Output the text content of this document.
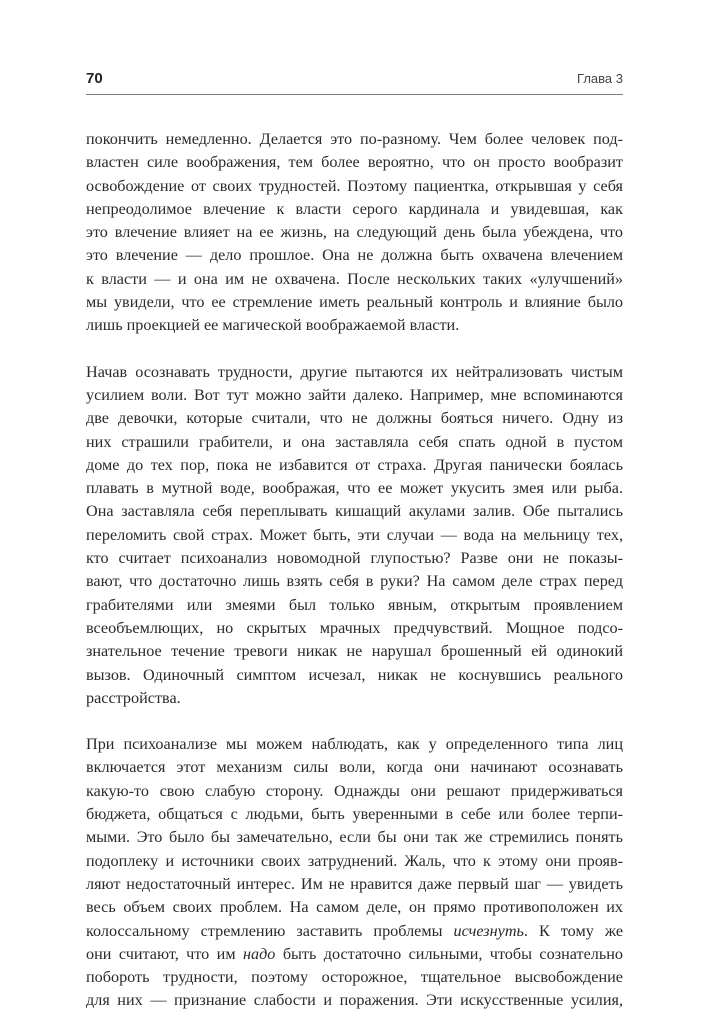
70	Глава 3
покончить немедленно. Делается это по-разному. Чем более человек под-
властен силе воображения, тем более вероятно, что он просто вообразит
освобождение от своих трудностей. Поэтому пациентка, открывшая у себя
непреодолимое влечение к власти серого кардинала и увидевшая, как
это влечение влияет на ее жизнь, на следующий день была убеждена, что
это влечение — дело прошлое. Она не должна быть охвачена влечением
к власти — и она им не охвачена. После нескольких таких «улучшений»
мы увидели, что ее стремление иметь реальный контроль и влияние было
лишь проекцией ее магической воображаемой власти.
Начав осознавать трудности, другие пытаются их нейтрализовать чистым
усилием воли. Вот тут можно зайти далеко. Например, мне вспоминаются
две девочки, которые считали, что не должны бояться ничего. Одну из
них страшили грабители, и она заставляла себя спать одной в пустом
доме до тех пор, пока не избавится от страха. Другая панически боялась
плавать в мутной воде, воображая, что ее может укусить змея или рыба.
Она заставляла себя переплывать кишащий акулами залив. Обе пытались
переломить свой страх. Может быть, эти случаи — вода на мельницу тех,
кто считает психоанализ новомодной глупостью? Разве они не показы-
вают, что достаточно лишь взять себя в руки? На самом деле страх перед
грабителями или змеями был только явным, открытым проявлением
всеобъемлющих, но скрытых мрачных предчувствий. Мощное подсо-
знательное течение тревоги никак не нарушал брошенный ей одинокий
вызов. Одиночный симптом исчезал, никак не коснувшись реального
расстройства.
При психоанализе мы можем наблюдать, как у определенного типа лиц
включается этот механизм силы воли, когда они начинают осознавать
какую-то свою слабую сторону. Однажды они решают придерживаться
бюджета, общаться с людьми, быть уверенными в себе или более терпи-
мыми. Это было бы замечательно, если бы они так же стремились понять
подоплеку и источники своих затруднений. Жаль, что к этому они прояв-
ляют недостаточный интерес. Им не нравится даже первый шаг — увидеть
весь объем своих проблем. На самом деле, он прямо противоположен их
колоссальному стремлению заставить проблемы исчезнуть. К тому же
они считают, что им надо быть достаточно сильными, чтобы сознательно
побороть трудности, поэтому осторожное, тщательное высвобождение
для них — признание слабости и поражения. Эти искусственные усилия,
